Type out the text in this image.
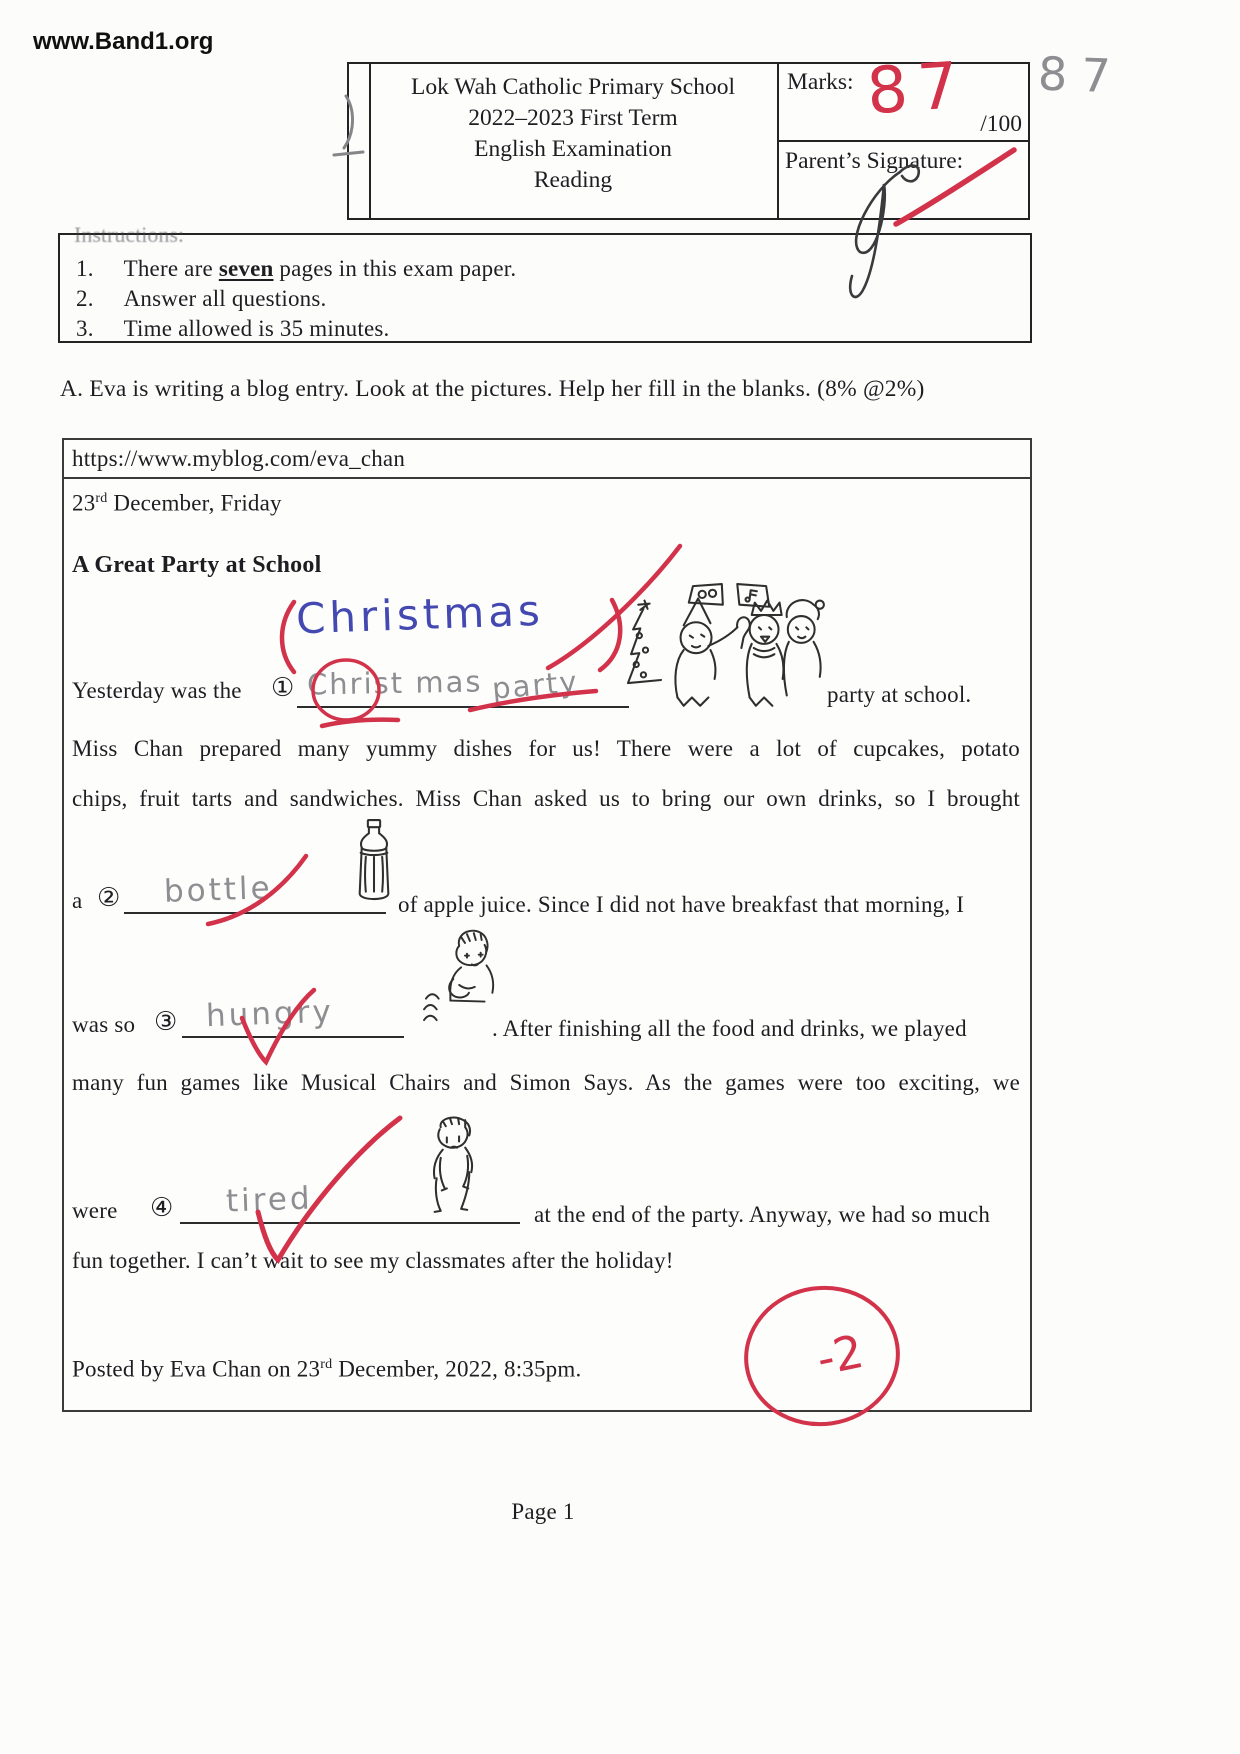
www.Band1.org
87
Lok Wah Catholic Primary School
2022–2023 First Term
English Examination
Reading
Marks: 87 /100
Parent’s Signature:
Instructions:
1. There are seven pages in this exam paper.
2. Answer all questions.
3. Time allowed is 35 minutes.
A. Eva is writing a blog entry. Look at the pictures. Help her fill in the blanks. (8% @2%)
https://www.myblog.com/eva_chan
23rd December, Friday
A Great Party at School
Christmas
Yesterday was the ① Christ mas party	party at school.
Miss Chan prepared many yummy dishes for us! There were a lot of cupcakes, potato
chips, fruit tarts and sandwiches. Miss Chan asked us to bring our own drinks, so I brought
a ② bottle	of apple juice. Since I did not have breakfast that morning, I
was so ③ hungry	. After finishing all the food and drinks, we played
many fun games like Musical Chairs and Simon Says. As the games were too exciting, we
were ④ tired	at the end of the party. Anyway, we had so much
fun together. I can’t wait to see my classmates after the holiday!
Posted by Eva Chan on 23rd December, 2022, 8:35pm.	-2
Page 1
